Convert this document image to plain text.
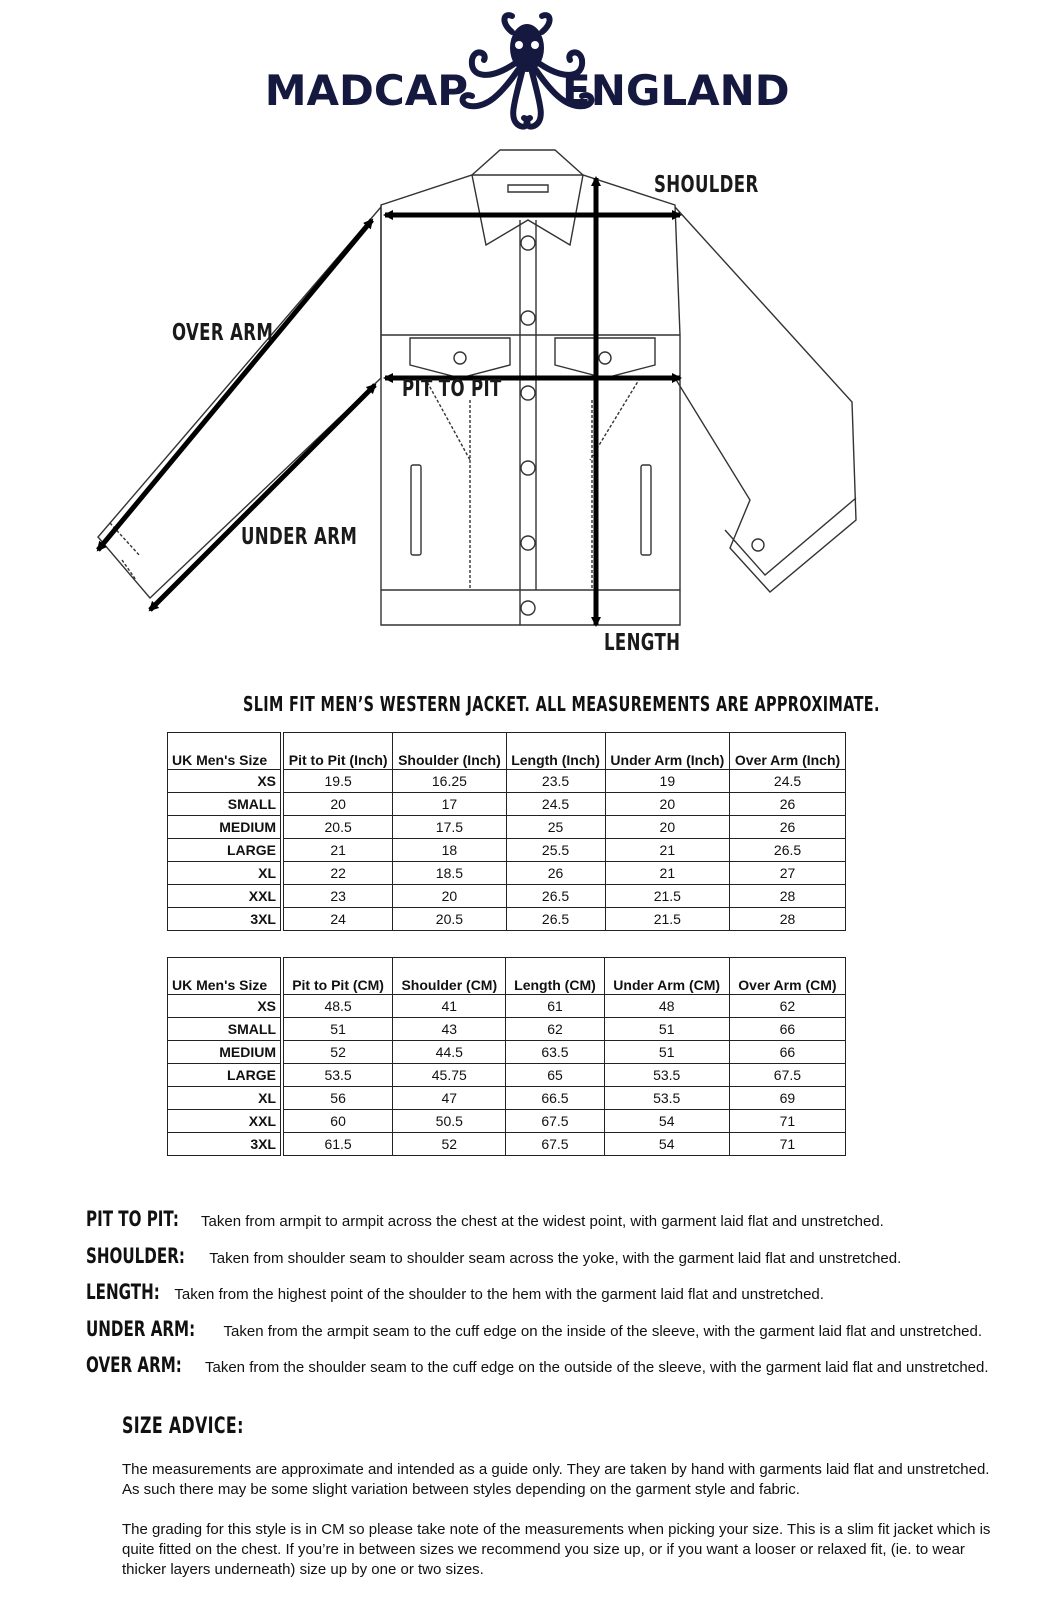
MADCAP ENGLAND
SHOULDER
OVER ARM
PIT TO PIT
UNDER ARM
LENGTH
SLIM FIT MEN’S WESTERN JACKET. ALL MEASUREMENTS ARE APPROXIMATE.
UK Men's Size	Pit to Pit (Inch)	Shoulder (Inch)	Length (Inch)	Under Arm (Inch)	Over Arm (Inch)
XS	19.5	16.25	23.5	19	24.5
SMALL	20	17	24.5	20	26
MEDIUM	20.5	17.5	25	20	26
LARGE	21	18	25.5	21	26.5
XL	22	18.5	26	21	27
XXL	23	20	26.5	21.5	28
3XL	24	20.5	26.5	21.5	28
UK Men's Size	Pit to Pit (CM)	Shoulder (CM)	Length (CM)	Under Arm (CM)	Over Arm (CM)
XS	48.5	41	61	48	62
SMALL	51	43	62	51	66
MEDIUM	52	44.5	63.5	51	66
LARGE	53.5	45.75	65	53.5	67.5
XL	56	47	66.5	53.5	69
XXL	60	50.5	67.5	54	71
3XL	61.5	52	67.5	54	71
PIT TO PIT: Taken from armpit to armpit across the chest at the widest point, with garment laid flat and unstretched.
SHOULDER: Taken from shoulder seam to shoulder seam across the yoke, with the garment laid flat and unstretched.
LENGTH: Taken from the highest point of the shoulder to the hem with the garment laid flat and unstretched.
UNDER ARM: Taken from the armpit seam to the cuff edge on the inside of the sleeve, with the garment laid flat and unstretched.
OVER ARM: Taken from the shoulder seam to the cuff edge on the outside of the sleeve, with the garment laid flat and unstretched.
SIZE ADVICE:
The measurements are approximate and intended as a guide only. They are taken by hand with garments laid flat and unstretched. As such there may be some slight variation between styles depending on the garment style and fabric.
The grading for this style is in CM so please take note of the measurements when picking your size. This is a slim fit jacket which is quite fitted on the chest. If you’re in between sizes we recommend you size up, or if you want a looser or relaxed fit, (ie. to wear thicker layers underneath) size up by one or two sizes.
